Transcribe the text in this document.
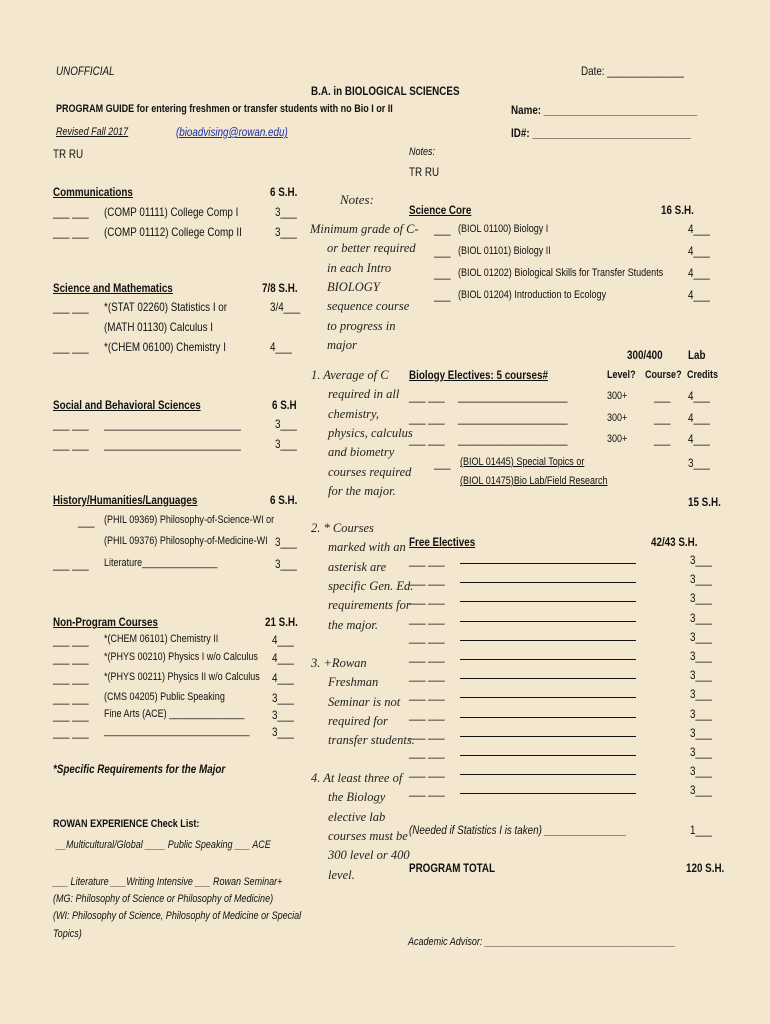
UNOFFICIAL	Date: ______________
B.A. in BIOLOGICAL SCIENCES
PROGRAM GUIDE for entering freshmen or transfer students with no Bio I or II	Name: ____________________________
Revised Fall 2017	(bioadvising@rowan.edu)	ID#: _____________________________
TR RU	Notes:
TR RU
Communications	6 S.H.
___ ___ (COMP 01111) College Comp I	3___
___ ___ (COMP 01112) College Comp II	3___
Science and Mathematics	7/8 S.H.
___ ___ *(STAT 02260) Statistics I or	3/4___
(MATH 01130) Calculus I
___ ___ *(CHEM 06100) Chemistry I	4___
Social and Behavioral Sciences	6 S.H
___ ___ _________________________	3___
___ ___ _________________________	3___
History/Humanities/Languages	6 S.H.
___ (PHIL 09369) Philosophy-of-Science-WI or
(PHIL 09376) Philosophy-of-Medicine-WI 3___
___ ___ Literature_______________	3___
Non-Program Courses	21 S.H.
___ ___ *(CHEM 06101) Chemistry II	4___
___ ___ *(PHYS 00210) Physics I w/o Calculus 4___
___ ___ *(PHYS 00211) Physics II w/o Calculus 4___
___ ___ (CMS 04205) Public Speaking	3___
___ ___ Fine Arts (ACE) _______________ 3___
___ ___ _____________________________ 3___
*Specific Requirements for the Major
ROWAN EXPERIENCE Check List:
__Multicultural/Global ____ Public Speaking ___ ACE
___ Literature ___Writing Intensive ___ Rowan Seminar+
(MG: Philosophy of Science or Philosophy of Medicine)
(WI: Philosophy of Science, Philosophy of Medicine or Special
Topics)
Notes:
Minimum grade of C-
or better required
in each Intro
BIOLOGY
sequence course
to progress in
major
1. Average of C
required in all
chemistry,
physics, calculus
and biometry
courses required
for the major.
2. * Courses
marked with an
asterisk are
specific Gen. Ed.
requirements for
the major.
3. +Rowan
Freshman
Seminar is not
required for
transfer students.
4. At least three of
the Biology
elective lab
courses must be
300 level or 400
level.
Science Core	16 S.H.
___ (BIOL 01100) Biology I	4___
___ (BIOL 01101) Biology II	4___
___ (BIOL 01202) Biological Skills for Transfer Students 4___
___ (BIOL 01204) Introduction to Ecology	4___
300/400 Lab
Biology Electives: 5 courses#	Level? Course? Credits
___ ___ ____________________	300+ ___ 4___
___ ___ ____________________	300+ ___ 4___
___ ___ ____________________	300+ ___ 4___
___ (BIOL 01445) Special Topics or
(BIOL 01475)Bio Lab/Field Research
3___
15 S.H.
Free Electives	42/43 S.H.
___ ___	3___
___ ___	3___
___ ___	3___
___ ___	3___
___ ___	3___
___ ___	3___
___ ___	3___
___ ___	3___
___ ___	3___
___ ___	3___
___ ___	3___
___ ___	3___
___ ___	3___
(Needed if Statistics I is taken) _______________	1___
PROGRAM TOTAL	120 S.H.
Academic Advisor: ______________________________________
